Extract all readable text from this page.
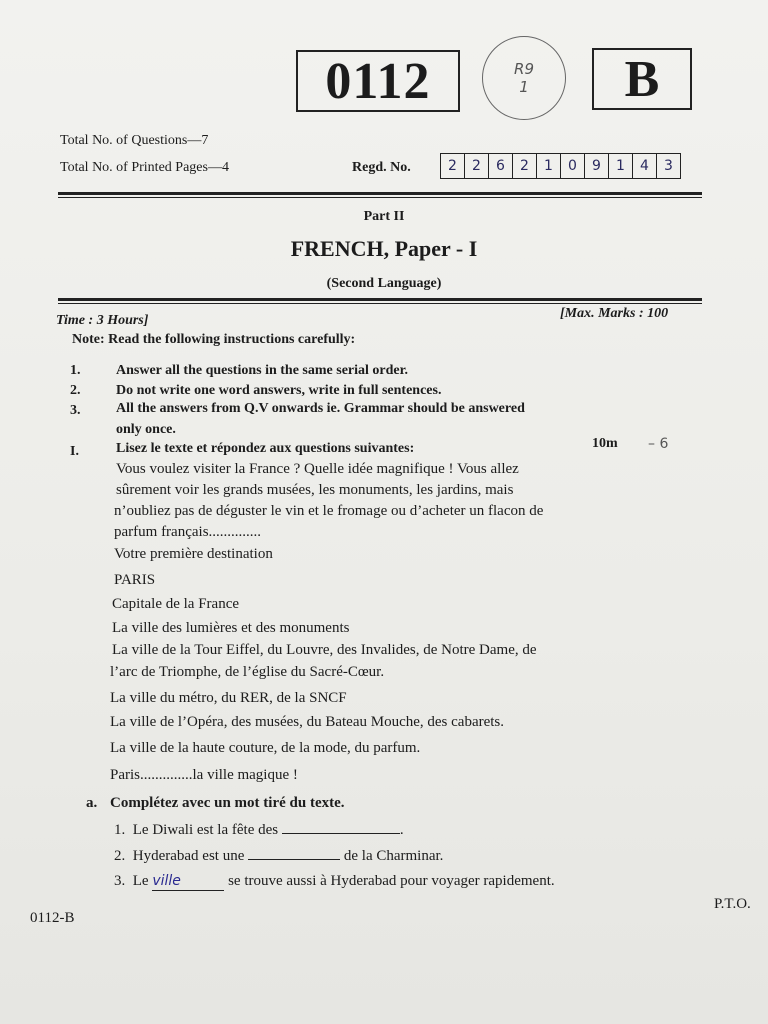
0112	R9
1	B
Total No. of Questions—7
Total No. of Printed Pages—4	Regd. No.	2	2	6	2	1	0	9	1	4	3
Part II
FRENCH, Paper - I
(Second Language)
Time : 3 Hours]	[Max. Marks : 100
Note: Read the following instructions carefully:
1.	Answer all the questions in the same serial order.
2.	Do not write one word answers, write in full sentences.
3.	All the answers from Q.V onwards ie. Grammar should be answered
only once.
I.	Lisez le texte et répondez aux questions suivantes:	10m – 6
Vous voulez visiter la France ? Quelle idée magnifique ! Vous allez
sûrement voir les grands musées, les monuments, les jardins, mais
n’oubliez pas de déguster le vin et le fromage ou d’acheter un flacon de
parfum français..............
Votre première destination
PARIS
Capitale de la France
La ville des lumières et des monuments
La ville de la Tour Eiffel, du Louvre, des Invalides, de Notre Dame, de
l’arc de Triomphe, de l’église du Sacré-Cœur.
La ville du métro, du RER, de la SNCF
La ville de l’Opéra, des musées, du Bateau Mouche, des cabarets.
La ville de la haute couture, de la mode, du parfum.
Paris..............la ville magique !
a. Complétez avec un mot tiré du texte.
1. Le Diwali est la fête des	.
2. Hyderabad est une	de la Charminar.
3. Le ville	se trouve aussi à Hyderabad pour voyager rapidement.
0112-B
P.T.O.
